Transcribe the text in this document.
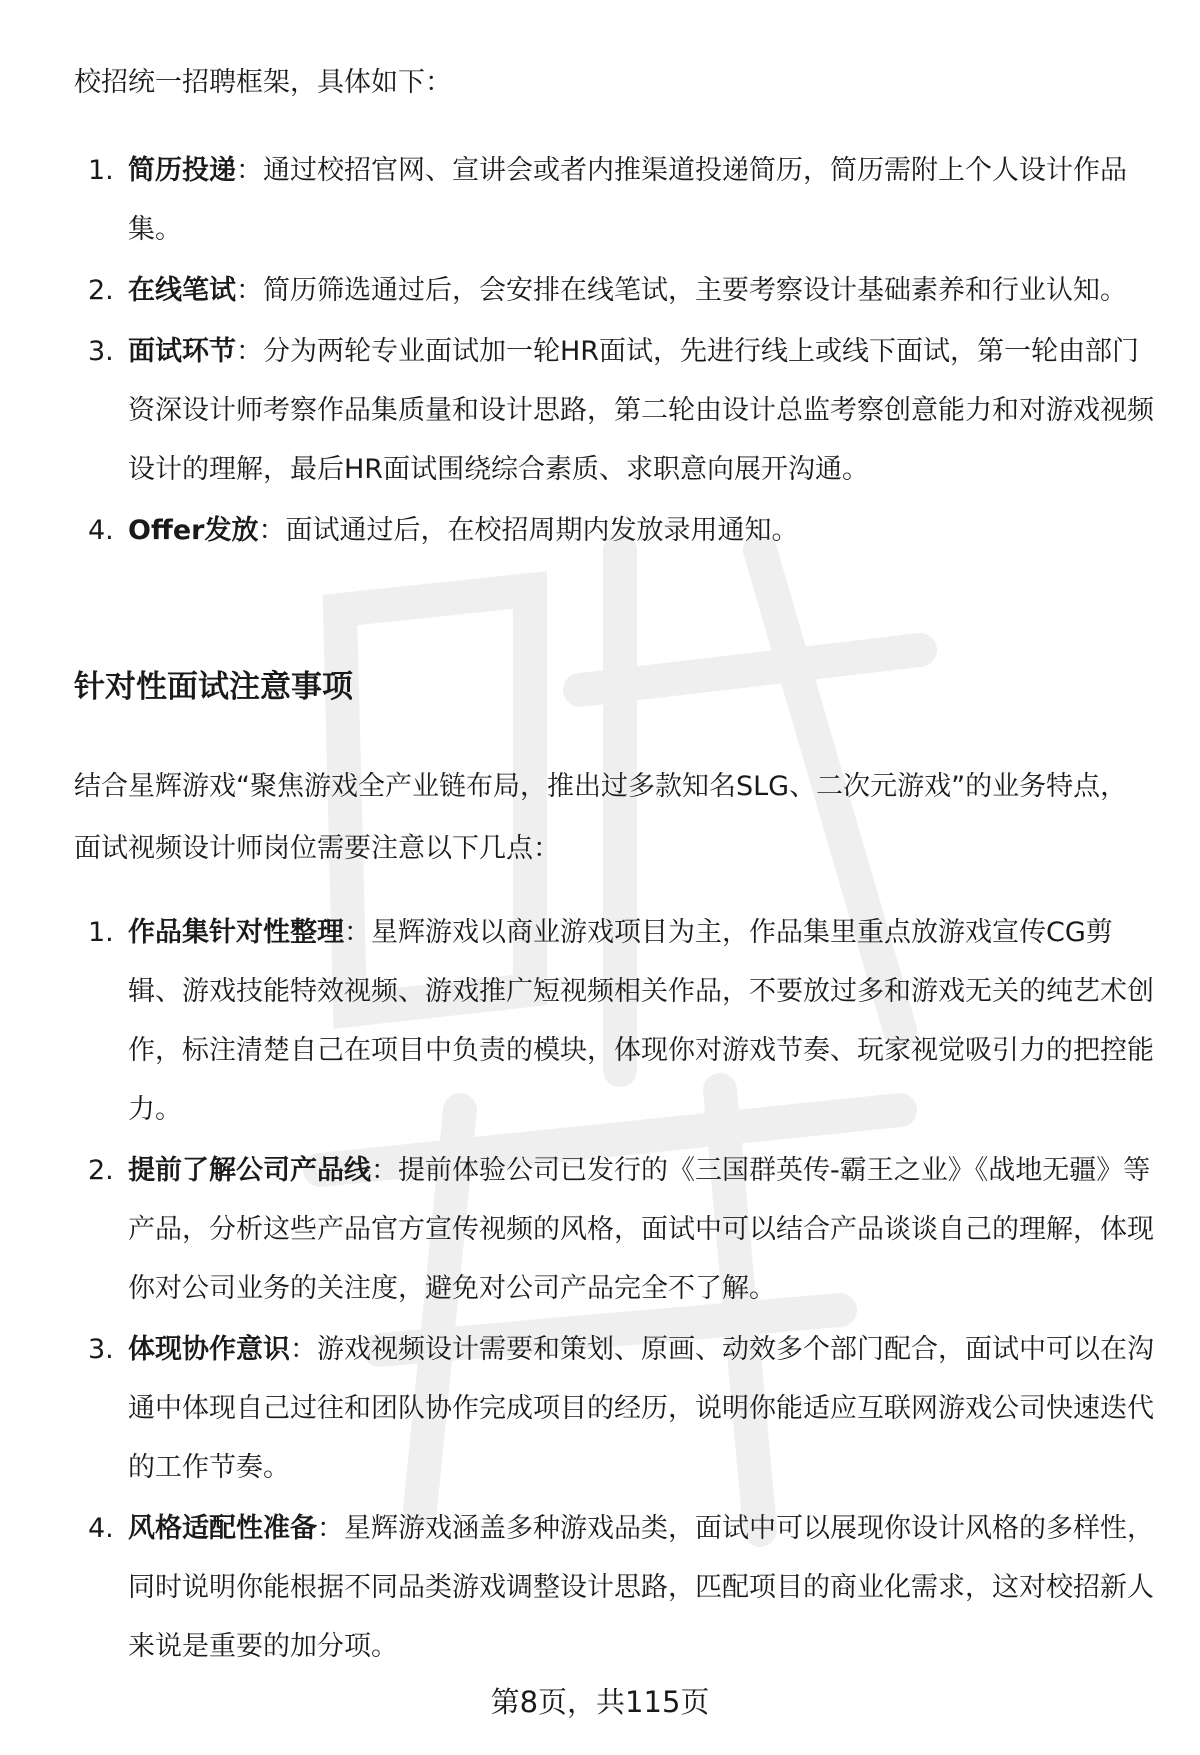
校招统一招聘框架，具体如下：

1. 简历投递：通过校招官网、宣讲会或者内推渠道投递简历，简历需附上个人设计作品集。
2. 在线笔试：简历筛选通过后，会安排在线笔试，主要考察设计基础素养和行业认知。
3. 面试环节：分为两轮专业面试加一轮HR面试，先进行线上或线下面试，第一轮由部门资深设计师考察作品集质量和设计思路，第二轮由设计总监考察创意能力和对游戏视频设计的理解，最后HR面试围绕综合素质、求职意向展开沟通。
4. Offer发放：面试通过后，在校招周期内发放录用通知。
针对性面试注意事项

结合星辉游戏“聚焦游戏全产业链布局，推出过多款知名SLG、二次元游戏”的业务特点，面试视频设计师岗位需要注意以下几点：

1. 作品集针对性整理：星辉游戏以商业游戏项目为主，作品集里重点放游戏宣传CG剪辑、游戏技能特效视频、游戏推广短视频相关作品，不要放过多和游戏无关的纯艺术创作，标注清楚自己在项目中负责的模块，体现你对游戏节奏、玩家视觉吸引力的把控能力。
2. 提前了解公司产品线：提前体验公司已发行的《三国群英传-霸王之业》《战地无疆》等产品，分析这些产品官方宣传视频的风格，面试中可以结合产品谈谈自己的理解，体现你对公司业务的关注度，避免对公司产品完全不了解。
3. 体现协作意识：游戏视频设计需要和策划、原画、动效多个部门配合，面试中可以在沟通中体现自己过往和团队协作完成项目的经历，说明你能适应互联网游戏公司快速迭代的工作节奏。
4. 风格适配性准备：星辉游戏涵盖多种游戏品类，面试中可以展现你设计风格的多样性，同时说明你能根据不同品类游戏调整设计思路，匹配项目的商业化需求，这对校招新人来说是重要的加分项。
第8页，共115页
